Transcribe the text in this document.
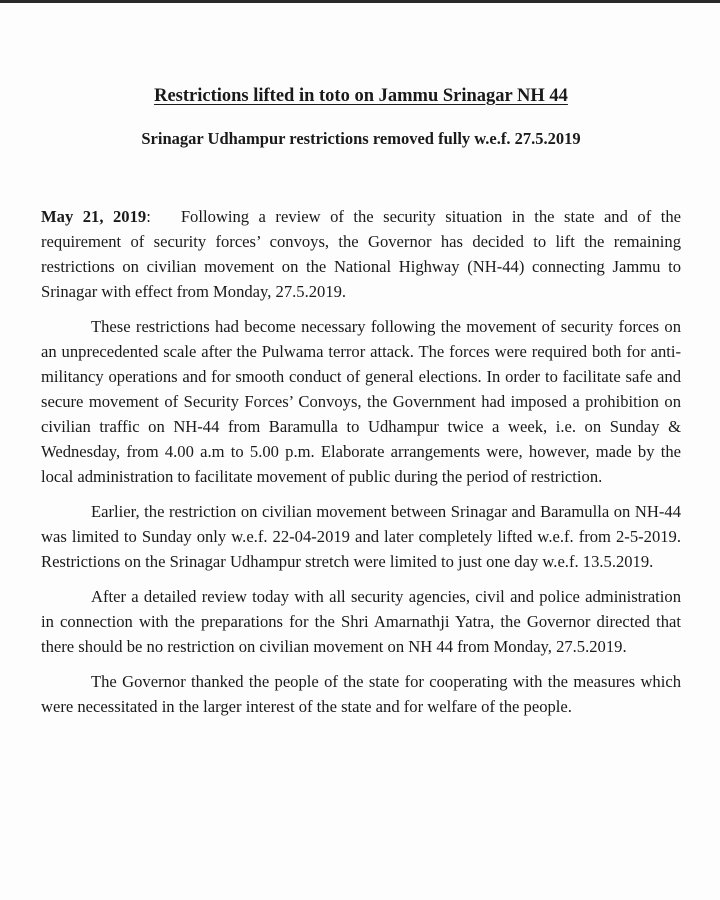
Restrictions lifted in toto on Jammu Srinagar NH 44
Srinagar Udhampur restrictions removed fully w.e.f. 27.5.2019

May 21, 2019: Following a review of the security situation in the state and of the requirement of security forces’ convoys, the Governor has decided to lift the remaining restrictions on civilian movement on the National Highway (NH-44) connecting Jammu to Srinagar with effect from Monday, 27.5.2019.

These restrictions had become necessary following the movement of security forces on an unprecedented scale after the Pulwama terror attack. The forces were required both for anti-militancy operations and for smooth conduct of general elections. In order to facilitate safe and secure movement of Security Forces’ Convoys, the Government had imposed a prohibition on civilian traffic on NH-44 from Baramulla to Udhampur twice a week, i.e. on Sunday & Wednesday, from 4.00 a.m to 5.00 p.m. Elaborate arrangements were, however, made by the local administration to facilitate movement of public during the period of restriction.

Earlier, the restriction on civilian movement between Srinagar and Baramulla on NH-44 was limited to Sunday only w.e.f. 22-04-2019 and later completely lifted w.e.f. from 2-5-2019. Restrictions on the Srinagar Udhampur stretch were limited to just one day w.e.f. 13.5.2019.

After a detailed review today with all security agencies, civil and police administration in connection with the preparations for the Shri Amarnathji Yatra, the Governor directed that there should be no restriction on civilian movement on NH 44 from Monday, 27.5.2019.

The Governor thanked the people of the state for cooperating with the measures which were necessitated in the larger interest of the state and for welfare of the people.
